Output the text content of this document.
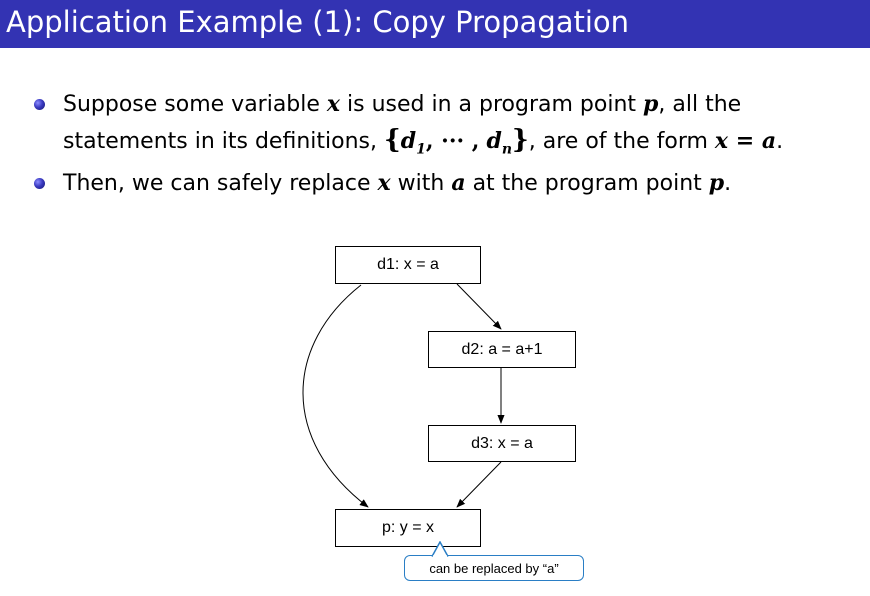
Application Example (1): Copy Propagation
Suppose some variable x is used in a program point p, all the
statements in its definitions, {$d_1$, ··· , $d_n$}, are of the form x = a.
Then, we can safely replace x with a at the program point p.
d1: x = a
d2: a = a+1
d3: x = a
p: y = x
can be replaced by “a”
